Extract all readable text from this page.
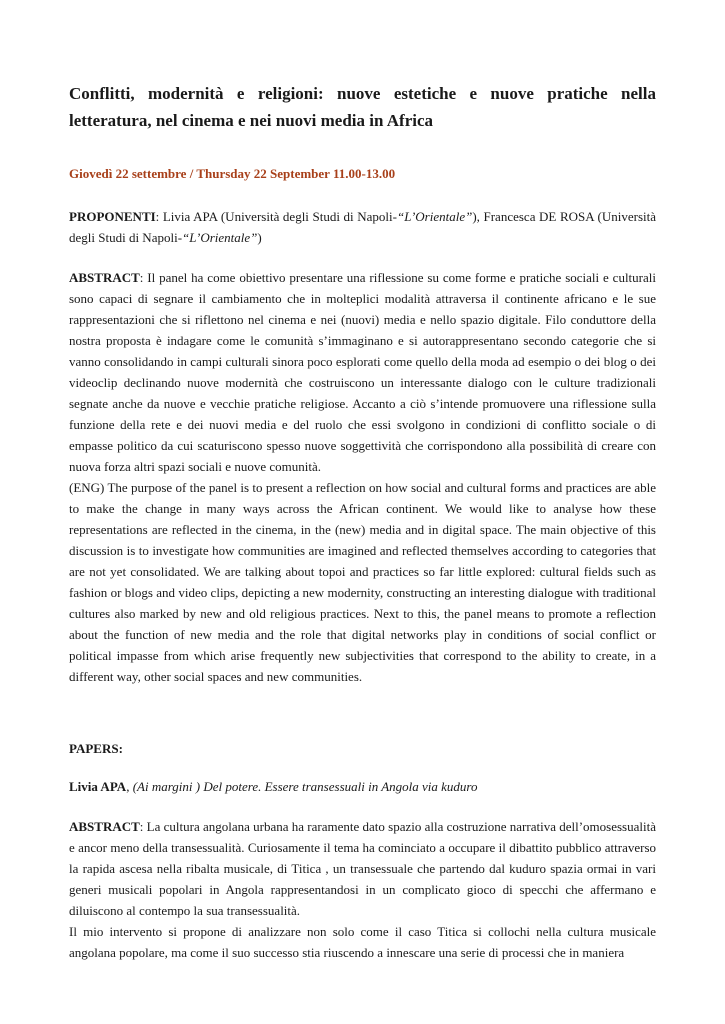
Conflitti, modernità e religioni: nuove estetiche e nuove pratiche nella letteratura, nel cinema e nei nuovi media in Africa
Giovedì 22 settembre / Thursday 22 September 11.00-13.00

PROPONENTI: Livia APA (Università degli Studi di Napoli-“L’Orientale”), Francesca DE ROSA (Università degli Studi di Napoli-“L’Orientale”)

ABSTRACT: Il panel ha come obiettivo presentare una riflessione su come forme e pratiche sociali e culturali sono capaci di segnare il cambiamento che in molteplici modalità attraversa il continente africano e le sue rappresentazioni che si riflettono nel cinema e nei (nuovi) media e nello spazio digitale. Filo conduttore della nostra proposta è indagare come le comunità s’immaginano e si autorappresentano secondo categorie che si vanno consolidando in campi culturali sinora poco esplorati come quello della moda ad esempio o dei blog o dei videoclip declinando nuove modernità che costruiscono un interessante dialogo con le culture tradizionali segnate anche da nuove e vecchie pratiche religiose. Accanto a ciò s’intende promuovere una riflessione sulla funzione della rete e dei nuovi media e del ruolo che essi svolgono in condizioni di conflitto sociale o di empasse politico da cui scaturiscono spesso nuove soggettività che corrispondono alla possibilità di creare con nuova forza altri spazi sociali e nuove comunità.

(ENG) The purpose of the panel is to present a reflection on how social and cultural forms and practices are able to make the change in many ways across the African continent. We would like to analyse how these representations are reflected in the cinema, in the (new) media and in digital space. The main objective of this discussion is to investigate how communities are imagined and reflected themselves according to categories that are not yet consolidated. We are talking about topoi and practices so far little explored: cultural fields such as fashion or blogs and video clips, depicting a new modernity, constructing an interesting dialogue with traditional cultures also marked by new and old religious practices. Next to this, the panel means to promote a reflection about the function of new media and the role that digital networks play in conditions of social conflict or political impasse from which arise frequently new subjectivities that correspond to the ability to create, in a different way, other social spaces and new communities.

PAPERS:

Livia APA, (Ai margini ) Del potere. Essere transessuali in Angola via kuduro

ABSTRACT: La cultura angolana urbana ha raramente dato spazio alla costruzione narrativa dell’omosessualità e ancor meno della transessualità. Curiosamente il tema ha cominciato a occupare il dibattito pubblico attraverso la rapida ascesa nella ribalta musicale, di Titica , un transessuale che partendo dal kuduro spazia ormai in vari generi musicali popolari in Angola rappresentandosi in un complicato gioco di specchi che affermano e diluiscono al contempo la sua transessualità.

Il mio intervento si propone di analizzare non solo come il caso Titica si collochi nella cultura musicale angolana popolare, ma come il suo successo stia riuscendo a innescare una serie di processi che in maniera
